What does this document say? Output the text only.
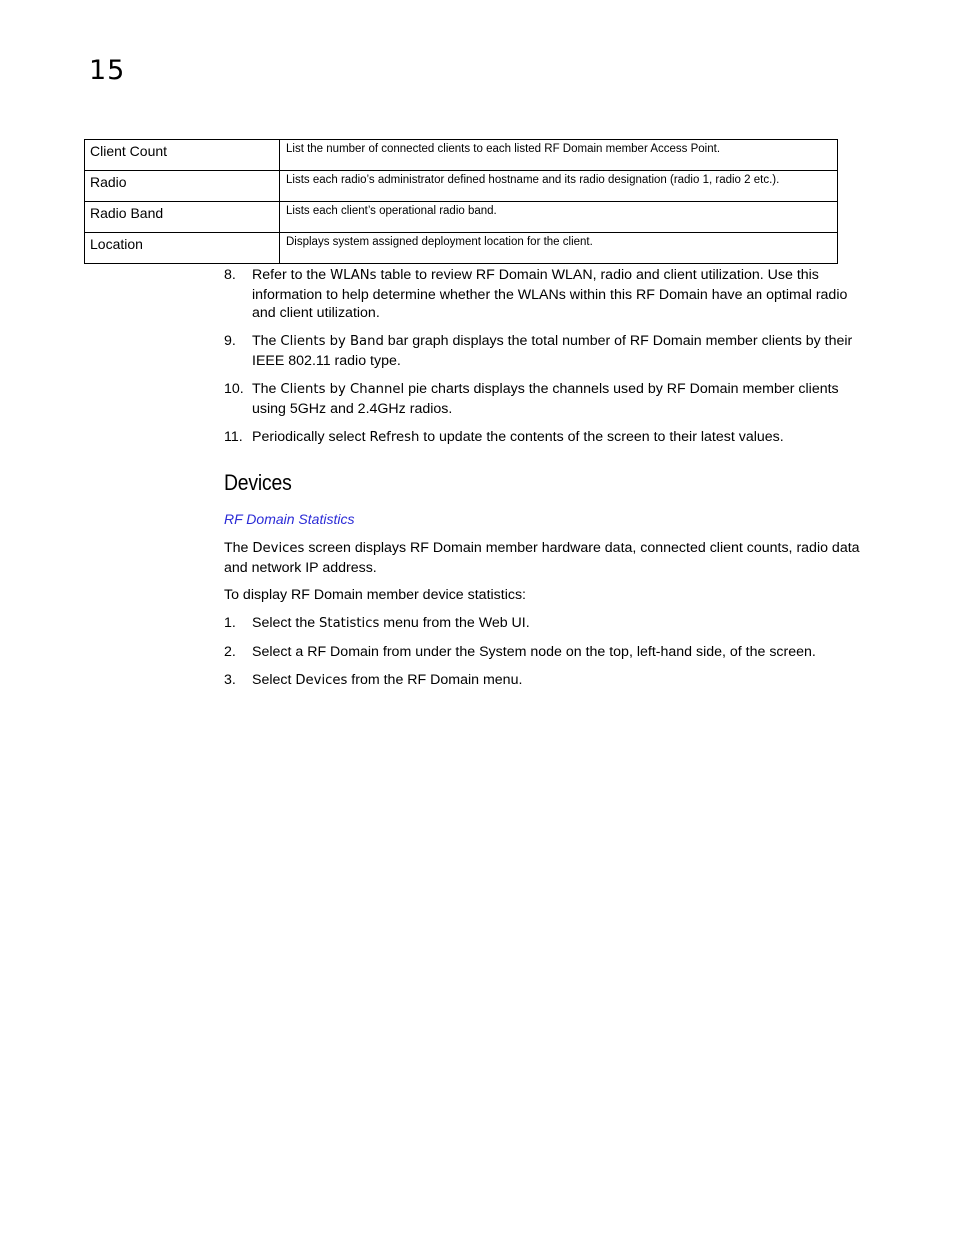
15
Client Count	List the number of connected clients to each listed RF Domain member Access Point.
Radio	Lists each radio’s administrator defined hostname and its radio designation (radio 1, radio 2 etc.).
Radio Band	Lists each client’s operational radio band.
Location	Displays system assigned deployment location for the client.
8.	Refer to the WLANs table to review RF Domain WLAN, radio and client utilization. Use this information to help determine whether the WLANs within this RF Domain have an optimal radio and client utilization.
9.	The Clients by Band bar graph displays the total number of RF Domain member clients by their IEEE 802.11 radio type.
10. The Clients by Channel pie charts displays the channels used by RF Domain member clients using 5GHz and 2.4GHz radios.
11. Periodically select Refresh to update the contents of the screen to their latest values.
Devices
RF Domain Statistics
The Devices screen displays RF Domain member hardware data, connected client counts, radio data and network IP address.
To display RF Domain member device statistics:
1.	Select the Statistics menu from the Web UI.
2.	Select a RF Domain from under the System node on the top, left-hand side, of the screen.
3.	Select Devices from the RF Domain menu.
